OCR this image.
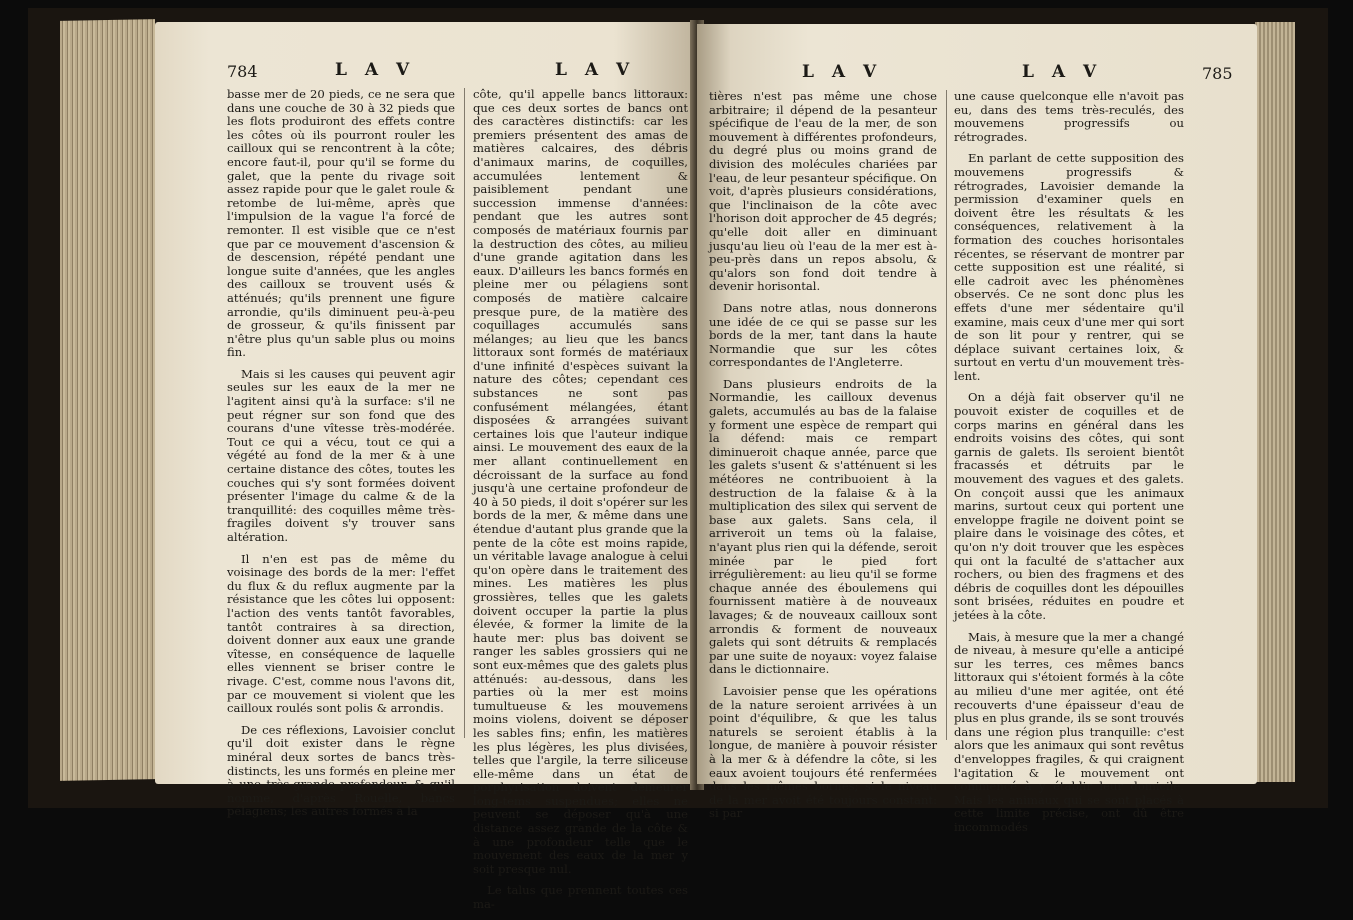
784	L A V	L A V

basse mer de 20 pieds, ce ne sera que dans une couche de 30 à 32 pieds que les flots produiront des effets contre les côtes où ils pourront rouler les cailloux qui se rencontrent à la côte; encore faut-il, pour qu'il se forme du galet, que la pente du rivage soit assez rapide pour que le galet roule & retombe de lui-même, après que l'impulsion de la vague l'a forcé de remonter. Il est visible que ce n'est que par ce mouvement d'ascension & de descension, répété pendant une longue suite d'années, que les angles des cailloux se trouvent usés & atténués; qu'ils prennent une figure arrondie, qu'ils diminuent peu-à-peu de grosseur, & qu'ils finissent par n'être plus qu'un sable plus ou moins fin.

Mais si les causes qui peuvent agir seules sur les eaux de la mer ne l'agitent ainsi qu'à la surface: s'il ne peut régner sur son fond que des courans d'une vîtesse très-modérée. Tout ce qui a vécu, tout ce qui a végété au fond de la mer & à une certaine distance des côtes, toutes les couches qui s'y sont formées doivent présenter l'image du calme & de la tranquillité: des coquilles même très-fragiles doivent s'y trouver sans altération.

Il n'en est pas de même du voisinage des bords de la mer: l'effet du flux & du reflux augmente par la résistance que les côtes lui opposent: l'action des vents tantôt favorables, tantôt contraires à sa direction, doivent donner aux eaux une grande vîtesse, en conséquence de laquelle elles viennent se briser contre le rivage. C'est, comme nous l'avons dit, par ce mouvement si violent que les cailloux roulés sont polis & arrondis.

De ces réflexions, Lavoisier conclut qu'il doit exister dans le règne minéral deux sortes de bancs très-distincts, les uns formés en pleine mer à une très-grande profondeur, & qu'il nomme, d'après Rouelle, bancs pélagiens; les autres formés à la

côte, qu'il appelle bancs littoraux: que ces deux sortes de bancs ont des caractères distinctifs: car les premiers présentent des amas de matières calcaires, des débris d'animaux marins, de coquilles, accumulées lentement & paisiblement pendant une succession immense d'années: pendant que les autres sont composés de matériaux fournis par la destruction des côtes, au milieu d'une grande agitation dans les eaux. D'ailleurs les bancs formés en pleine mer ou pélagiens sont composés de matière calcaire presque pure, de la matière des coquillages accumulés sans mélanges; au lieu que les bancs littoraux sont formés de matériaux d'une infinité d'espèces suivant la nature des côtes; cependant ces substances ne sont pas confusément mélangées, étant disposées & arrangées suivant certaines lois que l'auteur indique ainsi. Le mouvement des eaux de la mer allant continuellement en décroissant de la surface au fond jusqu'à une certaine profondeur de 40 à 50 pieds, il doit s'opérer sur les bords de la mer, & même dans une étendue d'autant plus grande que la pente de la côte est moins rapide, un véritable lavage analogue à celui qu'on opère dans le traitement des mines. Les matières les plus grossières, telles que les galets doivent occuper la partie la plus élevée, & former la limite de la haute mer: plus bas doivent se ranger les sables grossiers qui ne sont eux-mêmes que des galets plus atténués: au-dessous, dans les parties où la mer est moins tumultueuse & les mouvemens moins violens, doivent se déposer les sables fins; enfin, les matières les plus légères, les plus divisées, telles que l'argile, la terre siliceuse elle-même dans un état de porphyrisation doivent demeurer long-tems suspendues; elles ne peuvent se déposer qu'à une distance assez grande de la côte & à une profondeur telle que le mouvement des eaux de la mer y soit presque nul.

Le talus que prennent toutes ces ma-

L A V	L A V	785

tières n'est pas même une chose arbitraire; il dépend de la pesanteur spécifique de l'eau de la mer, de son mouvement à différentes profondeurs, du degré plus ou moins grand de division des molécules chariées par l'eau, de leur pesanteur spécifique. On voit, d'après plusieurs considérations, que l'inclinaison de la côte avec l'horison doit approcher de 45 degrés; qu'elle doit aller en diminuant jusqu'au lieu où l'eau de la mer est à-peu-près dans un repos absolu, & qu'alors son fond doit tendre à devenir horisontal.

Dans notre atlas, nous donnerons une idée de ce qui se passe sur les bords de la mer, tant dans la haute Normandie que sur les côtes correspondantes de l'Angleterre.

Dans plusieurs endroits de la Normandie, les cailloux devenus galets, accumulés au bas de la falaise y forment une espèce de rempart qui la défend: mais ce rempart diminueroit chaque année, parce que les galets s'usent & s'atténuent si les météores ne contribuoient à la destruction de la falaise & à la multiplication des silex qui servent de base aux galets. Sans cela, il arriveroit un tems où la falaise, n'ayant plus rien qui la défende, seroit minée par le pied fort irrégulièrement: au lieu qu'il se forme chaque année des éboulemens qui fournissent matière à de nouveaux lavages; & de nouveaux cailloux sont arrondis & forment de nouveaux galets qui sont détruits & remplacés par une suite de noyaux: voyez falaise dans le dictionnaire.

Lavoisier pense que les opérations de la nature seroient arrivées à un point d'équilibre, & que les talus naturels se seroient établis à la longue, de manière à pouvoir résister à la mer & à défendre la côte, si les eaux avoient toujours été renfermées dans les mêmes bornes; si le niveau de la mer avoit été toujours constant: si par

une cause quelconque elle n'avoit pas eu, dans des tems très-reculés, des mouvemens progressifs ou rétrogrades.

En parlant de cette supposition des mouvemens progressifs & rétrogrades, Lavoisier demande la permission d'examiner quels en doivent être les résultats & les conséquences, relativement à la formation des couches horisontales récentes, se réservant de montrer par cette supposition est une réalité, si elle cadroit avec les phénomènes observés. Ce ne sont donc plus les effets d'une mer sédentaire qu'il examine, mais ceux d'une mer qui sort de son lit pour y rentrer, qui se déplace suivant certaines loix, & surtout en vertu d'un mouvement très-lent.

On a déjà fait observer qu'il ne pouvoit exister de coquilles et de corps marins en général dans les endroits voisins des côtes, qui sont garnis de galets. Ils seroient bientôt fracassés et détruits par le mouvement des vagues et des galets. On conçoit aussi que les animaux marins, surtout ceux qui portent une enveloppe fragile ne doivent point se plaire dans le voisinage des côtes, et qu'on n'y doit trouver que les espèces qui ont la faculté de s'attacher aux rochers, ou bien des fragmens et des débris de coquilles dont les dépouilles sont brisées, réduites en poudre et jetées à la côte.

Mais, à mesure que la mer a changé de niveau, à mesure qu'elle a anticipé sur les terres, ces mêmes bancs littoraux qui s'étoient formés à la côte au milieu d'une mer agitée, ont été recouverts d'une épaisseur d'eau de plus en plus grande, ils se sont trouvés dans une région plus tranquille: c'est alors que les animaux qui sont revêtus d'enveloppes fragiles, & qui craignent l'agitation & le mouvement ont commencé à y établir leur domicile. Mais les animaux qui se sont placés à cette limite précise, ont dû être incommodés
